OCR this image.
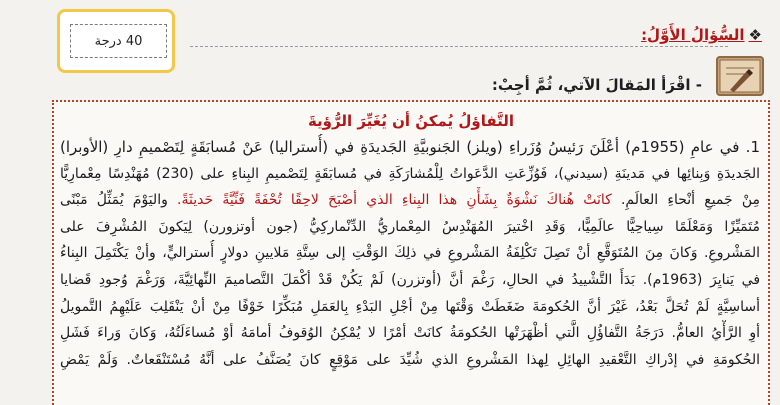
40 درجة	❖السُّؤالُ الأَوَّلُ:
- اقْرَأ المَقالَ الآتي، ثُمَّ أجِبْ:
التَّفاؤلُ يُمكنُ أن يُغَيِّرَ الرُّؤيةَ
1. في عامِ (1955م) أعْلَنَ رَئيسُ وُزَراءِ (ويلز) الجَنوبيَّةِ الجَديدَةِ في (أُستراليا) عَنْ مُسابَقَةٍ لِتَصْميمِ دارِ (الأوبرا)
الجَديدَةِ وَبِنائِها في مَدينَةِ (سيدني)، فَوُزِّعَتِ الدَّعَواتُ لِلْمُشارَكَةِ في مُسابَقَةٍ لِتَصْميمِ البِناءِ على (230) مُهَنْدِسًا مِعْمارِيًّا
مِنْ جَميعِ أنْحاءِ العالَمِ. كانَتْ هُناكَ نَشْوَةٌ بِشَأْنِ هذا البِناءِ الذي أصْبَحَ لاحِقًا تُحْفَةً فَنِّيَّةً حَديثَةً. واليَوْمَ يُمَثِّلُ مَبْنًى
مُتَمَيِّزًا وَمَعْلَمًا سِياحِيًّا عالَمِيًّا، وَقَدِ اخْتيرَ المُهَنْدِسُ المِعْماريُّ الدِّنْماركِيُّ (جون أوتزورن) لِيَكونَ المُشْرِفَ على
المَشْروعِ. وَكانَ مِنَ المُتَوَقَّعِ أنْ تَصِلَ تَكْلِفَةُ المَشْروعِ في ذلِكَ الوَقْتِ إلى سِتَّةِ مَلايينِ دولارٍ أُستراليٍّ، وأنْ يَكْتَمِلَ البِناءُ
في يَنايِرَ (1963م). بَدَأَ التَّشْييدُ في الحالِ، رَغْمَ أنَّ (أوتزرن) لَمْ يَكُنْ قَدْ أكْمَلَ التَّصاميمَ النِّهائِيَّةَ، وَرَغْمَ وُجودِ قَضايا
أساسِيَّةٍ لَمْ تُحَلَّ بَعْدُ، غَيْرَ أنَّ الحُكومَةَ ضَغَطَتْ وَقْتَها مِنْ أجْلِ البَدْءِ بِالعَمَلِ مُبَكِّرًا خَوْفًا مِنْ أنْ يَنْقَلِبَ عَلَيْهِمُ التَّمويلُ
أوِ الرَّأْيُ العامُّ. دَرَجَةُ التَّفاؤُلِ الَّتي أظْهَرَتْها الحُكومَةُ كانَتْ أمْرًا لا يُمْكِنُ الوُقوفُ أمامَهُ أوْ مُساءَلَتُهُ، وَكانَ وَراءَ فَشَلِ
الحُكومَةِ في إدْراكِ التَّعْقيدِ الهائِلِ لِهذا المَشْروعِ الذي شُيِّدَ على مَوْقِعٍ كانَ يُصَنَّفُ على أنَّهُ مُسْتَنْقَعاتٌ. وَلَمْ يَمْضِ
